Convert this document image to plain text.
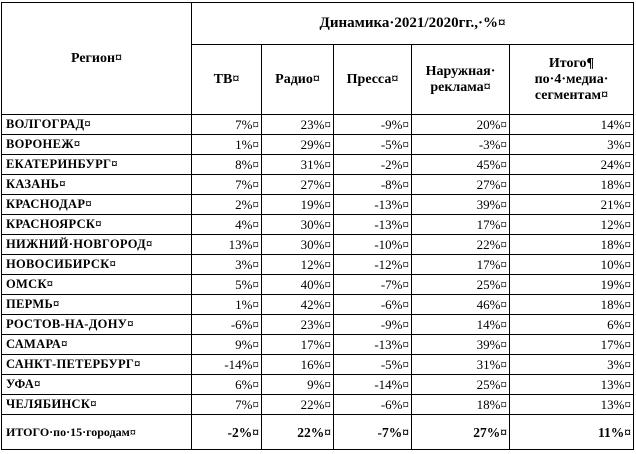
Регион¤	Динамика·2021/2020гг.,·%¤				
	ТВ¤	Радио¤	Пресса¤	Наружная· реклама¤	Итого¶ по·4·медиа· сегментам¤
ВОЛГОГРАД¤	7%¤	23%¤	-9%¤	20%¤	14%¤
ВОРОНЕЖ¤	1%¤	29%¤	-5%¤	-3%¤	3%¤
ЕКАТЕРИНБУРГ¤	8%¤	31%¤	-2%¤	45%¤	24%¤
КАЗАНЬ¤	7%¤	27%¤	-8%¤	27%¤	18%¤
КРАСНОДАР¤	2%¤	19%¤	-13%¤	39%¤	21%¤
КРАСНОЯРСК¤	4%¤	30%¤	-13%¤	17%¤	12%¤
НИЖНИЙ·НОВГОРОД¤	13%¤	30%¤	-10%¤	22%¤	18%¤
НОВОСИБИРСК¤	3%¤	12%¤	-12%¤	17%¤	10%¤
ОМСК¤	5%¤	40%¤	-7%¤	25%¤	19%¤
ПЕРМЬ¤	1%¤	42%¤	-6%¤	46%¤	18%¤
РОСТОВ-НА-ДОНУ¤	-6%¤	23%¤	-9%¤	14%¤	6%¤
САМАРА¤	9%¤	17%¤	-13%¤	39%¤	17%¤
САНКТ-ПЕТЕРБУРГ¤	-14%¤	16%¤	-5%¤	31%¤	3%¤
УФА¤	6%¤	9%¤	-14%¤	25%¤	13%¤
ЧЕЛЯБИНСК¤	7%¤	22%¤	-6%¤	18%¤	13%¤
ИТОГО·по·15·городам¤	-2%¤	22%¤	-7%¤	27%¤	11%¤
